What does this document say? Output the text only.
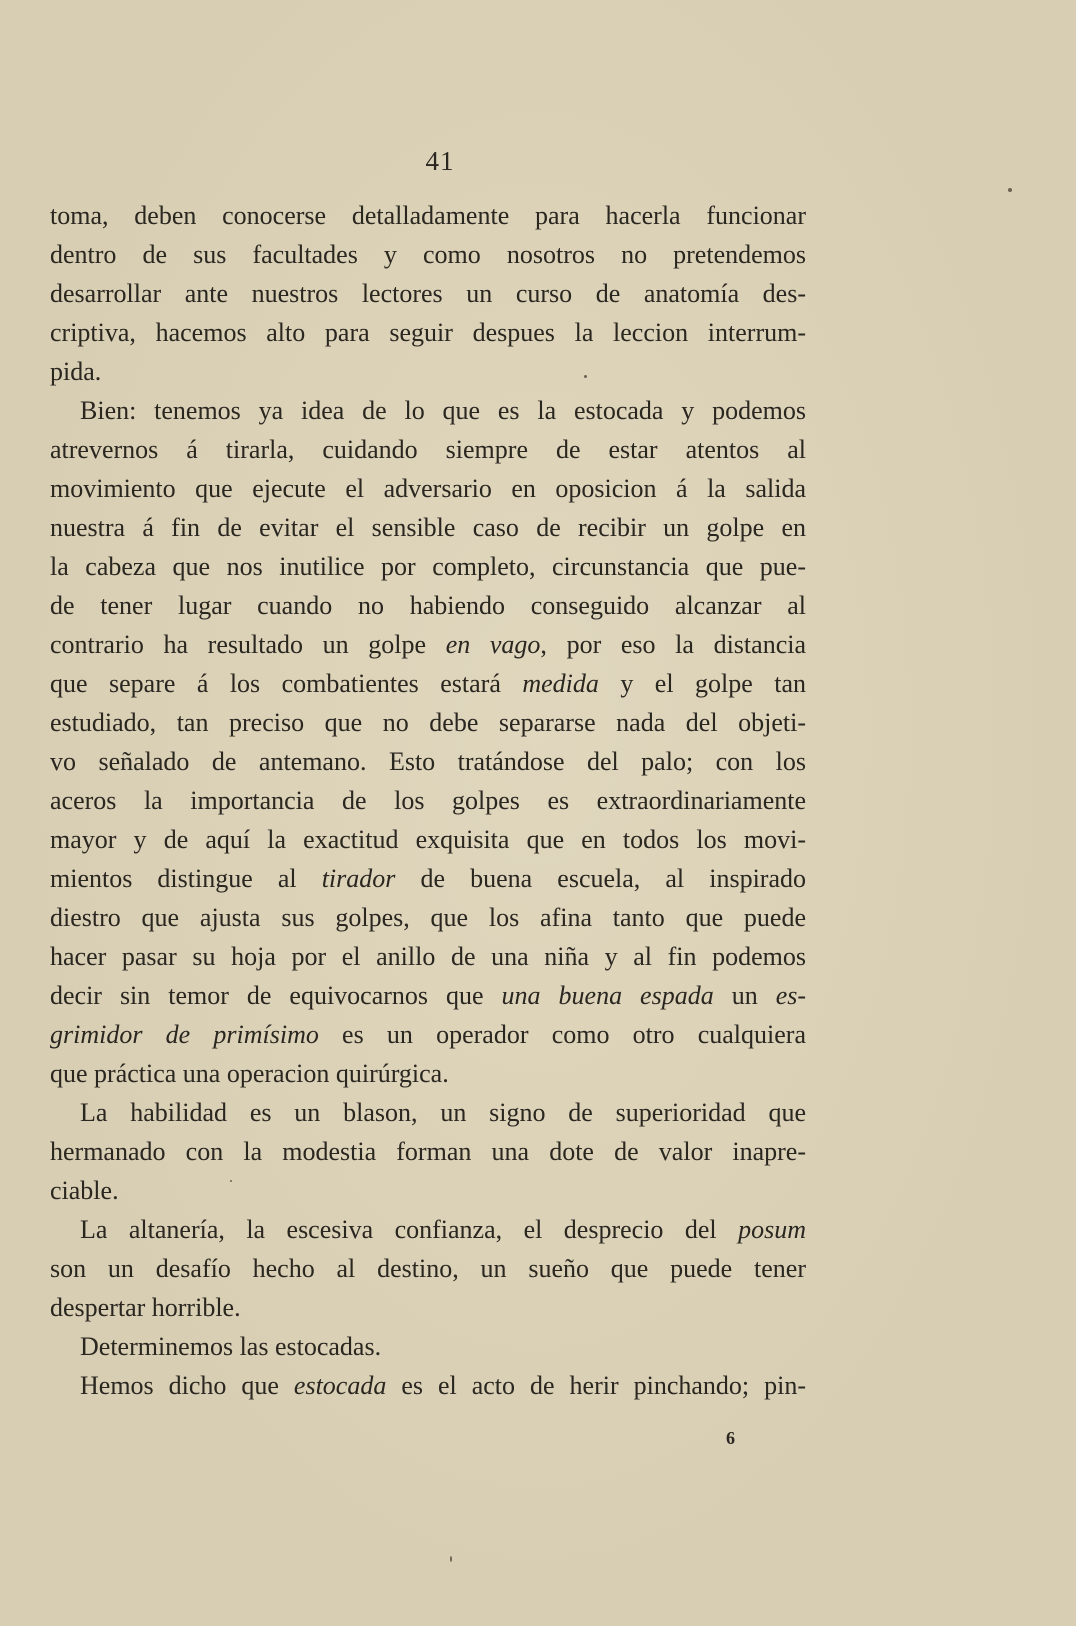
41
toma, deben conocerse detalladamente para hacerla funcionar
dentro de sus facultades y como nosotros no pretendemos
desarrollar ante nuestros lectores un curso de anatomía des-
criptiva, hacemos alto para seguir despues la leccion interrum-
pida.
Bien: tenemos ya idea de lo que es la estocada y podemos
atrevernos á tirarla, cuidando siempre de estar atentos al
movimiento que ejecute el adversario en oposicion á la salida
nuestra á fin de evitar el sensible caso de recibir un golpe en
la cabeza que nos inutilice por completo, circunstancia que pue-
de tener lugar cuando no habiendo conseguido alcanzar al
contrario ha resultado un golpe en vago, por eso la distancia
que separe á los combatientes estará medida y el golpe tan
estudiado, tan preciso que no debe separarse nada del objeti-
vo señalado de antemano. Esto tratándose del palo; con los
aceros la importancia de los golpes es extraordinariamente
mayor y de aquí la exactitud exquisita que en todos los movi-
mientos distingue al tirador de buena escuela, al inspirado
diestro que ajusta sus golpes, que los afina tanto que puede
hacer pasar su hoja por el anillo de una niña y al fin podemos
decir sin temor de equivocarnos que una buena espada un es-
grimidor de primísimo es un operador como otro cualquiera
que práctica una operacion quirúrgica.
La habilidad es un blason, un signo de superioridad que
hermanado con la modestia forman una dote de valor inapre-
ciable.
La altanería, la escesiva confianza, el desprecio del posum
son un desafío hecho al destino, un sueño que puede tener
despertar horrible.
Determinemos las estocadas.
Hemos dicho que estocada es el acto de herir pinchando; pin-
6
